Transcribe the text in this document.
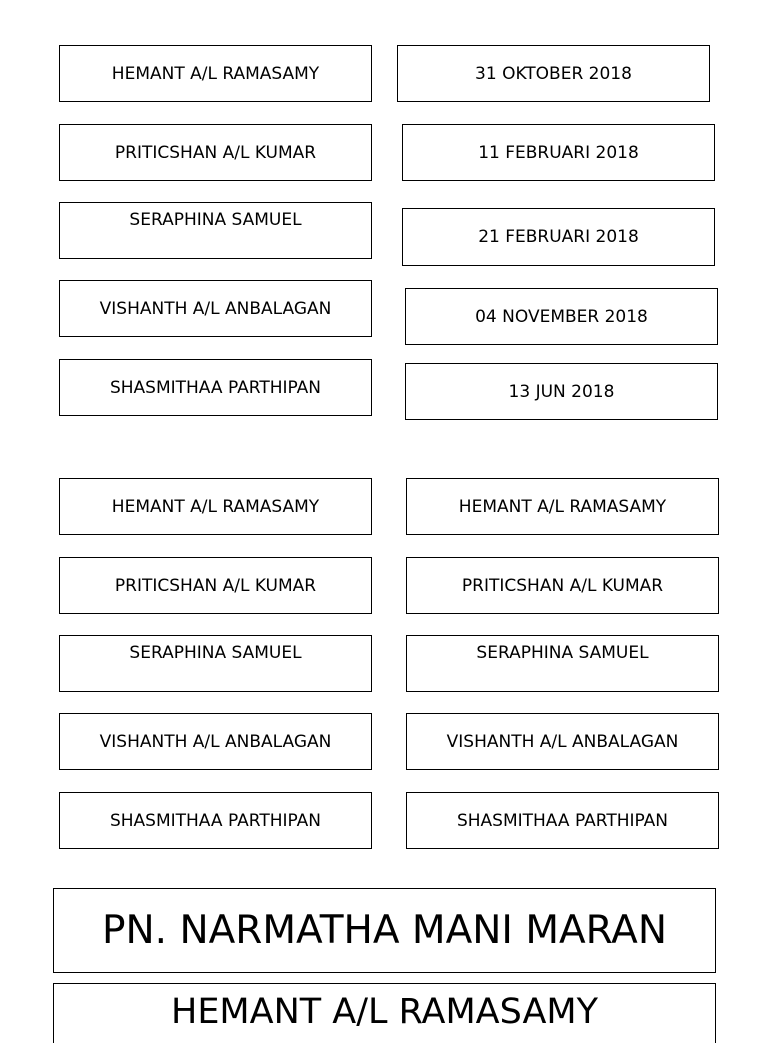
HEMANT A/L RAMASAMY
PRITICSHAN A/L KUMAR
SERAPHINA SAMUEL
VISHANTH A/L ANBALAGAN
SHASMITHAA PARTHIPAN
31 OKTOBER 2018
11 FEBRUARI 2018
21 FEBRUARI 2018
04 NOVEMBER 2018
13 JUN 2018
HEMANT A/L RAMASAMY
PRITICSHAN A/L KUMAR
SERAPHINA SAMUEL
VISHANTH A/L ANBALAGAN
SHASMITHAA PARTHIPAN
HEMANT A/L RAMASAMY
PRITICSHAN A/L KUMAR
SERAPHINA SAMUEL
VISHANTH A/L ANBALAGAN
SHASMITHAA PARTHIPAN
PN. NARMATHA MANI MARAN
HEMANT A/L RAMASAMY
